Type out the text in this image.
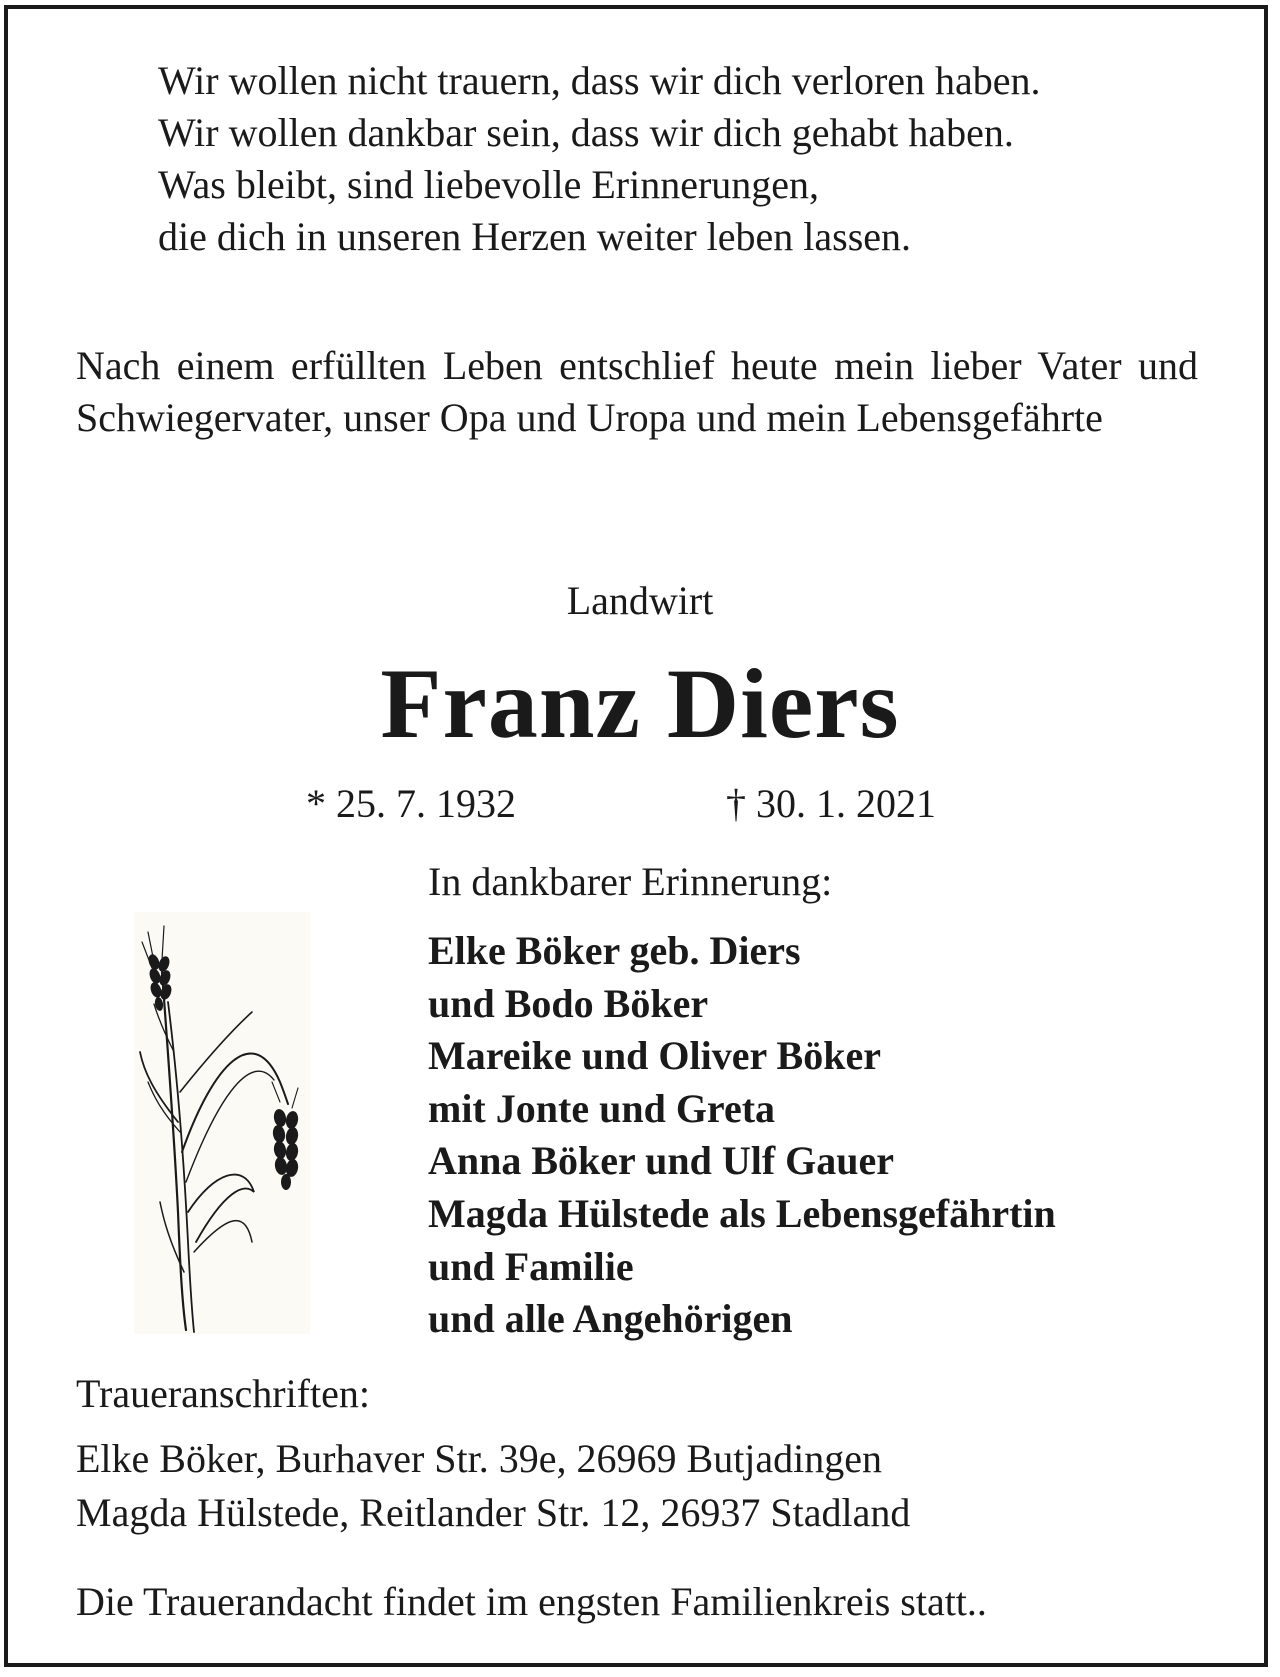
Wir wollen nicht trauern, dass wir dich verloren haben.
Wir wollen dankbar sein, dass wir dich gehabt haben.
Was bleibt, sind liebevolle Erinnerungen,
die dich in unseren Herzen weiter leben lassen.
Nach einem erfüllten Leben entschlief heute mein lieber Vater und Schwiegervater, unser Opa und Uropa und mein Lebensgefährte
Landwirt
Franz Diers
* 25. 7. 1932	† 30. 1. 2021
In dankbarer Erinnerung:
Elke Böker geb. Diers
und Bodo Böker
Mareike und Oliver Böker
mit Jonte und Greta
Anna Böker und Ulf Gauer
Magda Hülstede als Lebensgefährtin
und Familie
und alle Angehörigen
Traueranschriften:
Elke Böker, Burhaver Str. 39e, 26969 Butjadingen
Magda Hülstede, Reitlander Str. 12, 26937 Stadland
Die Trauerandacht findet im engsten Familienkreis statt..
